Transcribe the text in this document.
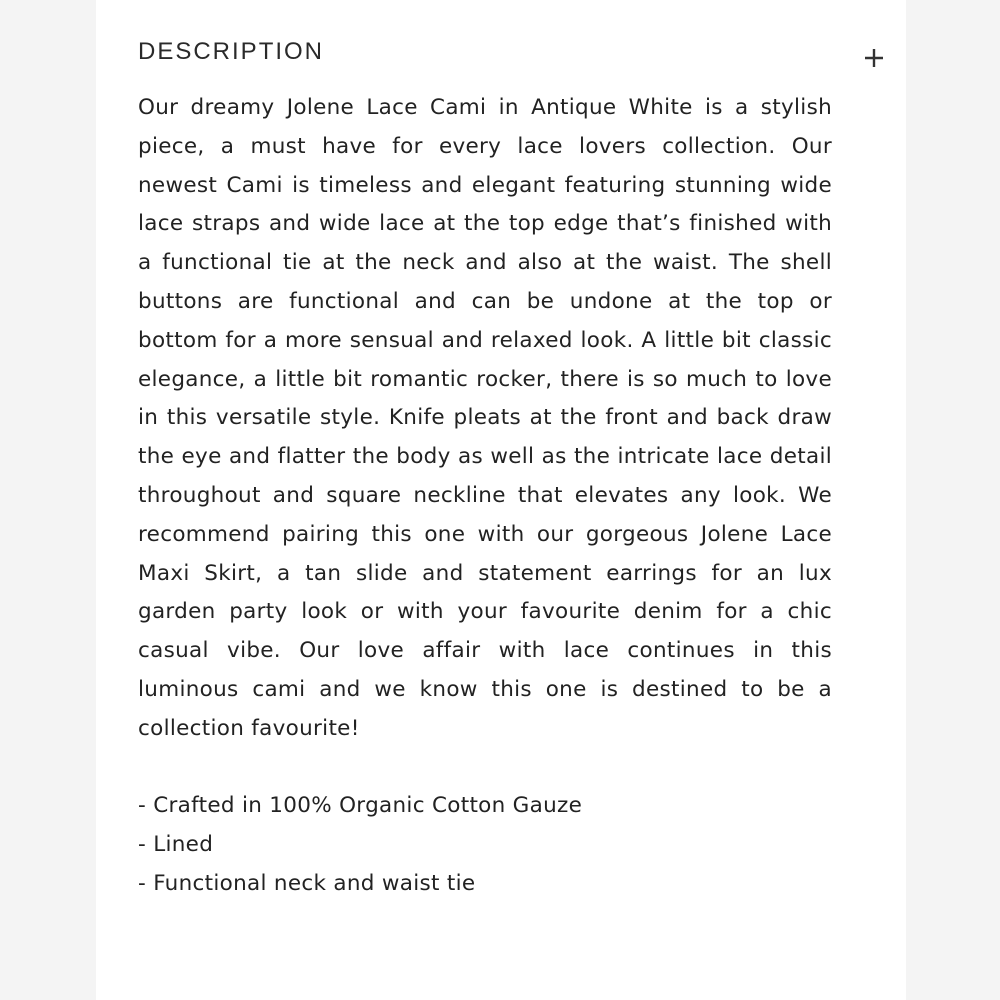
DESCRIPTION

Our dreamy Jolene Lace Cami in Antique White is a stylish piece, a must have for every lace lovers collection. Our newest Cami is timeless and elegant featuring stunning wide lace straps and wide lace at the top edge that’s finished with a functional tie at the neck and also at the waist. The shell buttons are functional and can be undone at the top or bottom for a more sensual and relaxed look. A little bit classic elegance, a little bit romantic rocker, there is so much to love in this versatile style. Knife pleats at the front and back draw the eye and flatter the body as well as the intricate lace detail throughout and square neckline that elevates any look. We recommend pairing this one with our gorgeous Jolene Lace Maxi Skirt, a tan slide and statement earrings for an lux garden party look or with your favourite denim for a chic casual vibe. Our love affair with lace continues in this luminous cami and we know this one is destined to be a collection favourite!

- Crafted in 100% Organic Cotton Gauze
- Lined
- Functional neck and waist tie
